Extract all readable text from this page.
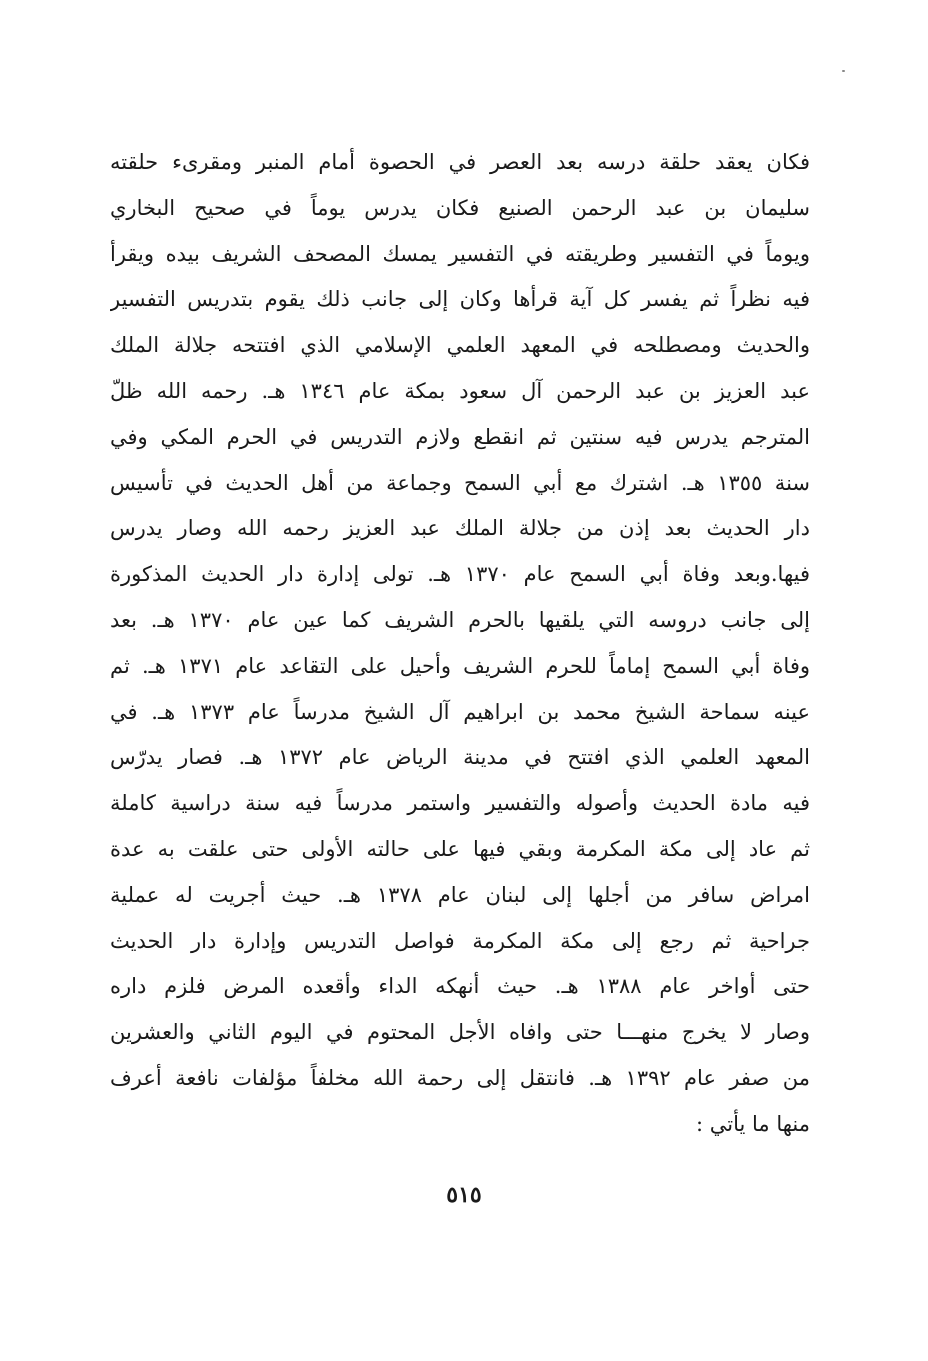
فكان يعقد حلقة درسه بعد العصر في الحصوة أمام المنبر ومقرىء حلقته
سليمان بن عبد الرحمن الصنيع فكان يدرس يوماً في صحيح البخاري
ويوماً في التفسير وطريقته في التفسير يمسك المصحف الشريف بيده ويقرأ
فيه نظراً ثم يفسر كل آية قرأها وكان إلى جانب ذلك يقوم بتدريس التفسير
والحديث ومصطلحه في المعهد العلمي الإسلامي الذي افتتحه جلالة الملك
عبد العزيز بن عبد الرحمن آل سعود بمكة عام ١٣٤٦ هـ. رحمه الله ظلّ
المترجم يدرس فيه سنتين ثم انقطع ولازم التدريس في الحرم المكي وفي
سنة ١٣٥٥ هـ. اشترك مع أبي السمح وجماعة من أهل الحديث في تأسيس
دار الحديث بعد إذن من جلالة الملك عبد العزيز رحمه الله وصار يدرس
فيها.وبعد وفاة أبي السمح عام ١٣٧٠ هـ. تولى إدارة دار الحديث المذكورة
إلى جانب دروسه التي يلقيها بالحرم الشريف كما عين عام ١٣٧٠ هـ. بعد
وفاة أبي السمح إماماً للحرم الشريف وأحيل على التقاعد عام ١٣٧١ هـ. ثم
عينه سماحة الشيخ محمد بن ابراهيم آل الشيخ مدرساً عام ١٣٧٣ هـ. في
المعهد العلمي الذي افتتح في مدينة الرياض عام ١٣٧٢ هـ. فصار يدرّس
فيه مادة الحديث وأصوله والتفسير واستمر مدرساً فيه سنة دراسية كاملة
ثم عاد إلى مكة المكرمة وبقي فيها على حالته الأولى حتى علقت به عدة
امراض سافر من أجلها إلى لبنان عام ١٣٧٨ هـ. حيث أجريت له عملية
جراحية ثم رجع إلى مكة المكرمة فواصل التدريس وإدارة دار الحديث
حتى أواخر عام ١٣٨٨ هـ. حيث أنهكه الداء وأقعده المرض فلزم داره
وصار لا يخرج منهـــا حتى وافاه الأجل المحتوم في اليوم الثاني والعشرين
من صفر عام ١٣٩٢ هـ. فانتقل إلى رحمة الله مخلفاً مؤلفات نافعة أعرف
منها ما يأتي :
٥١٥
